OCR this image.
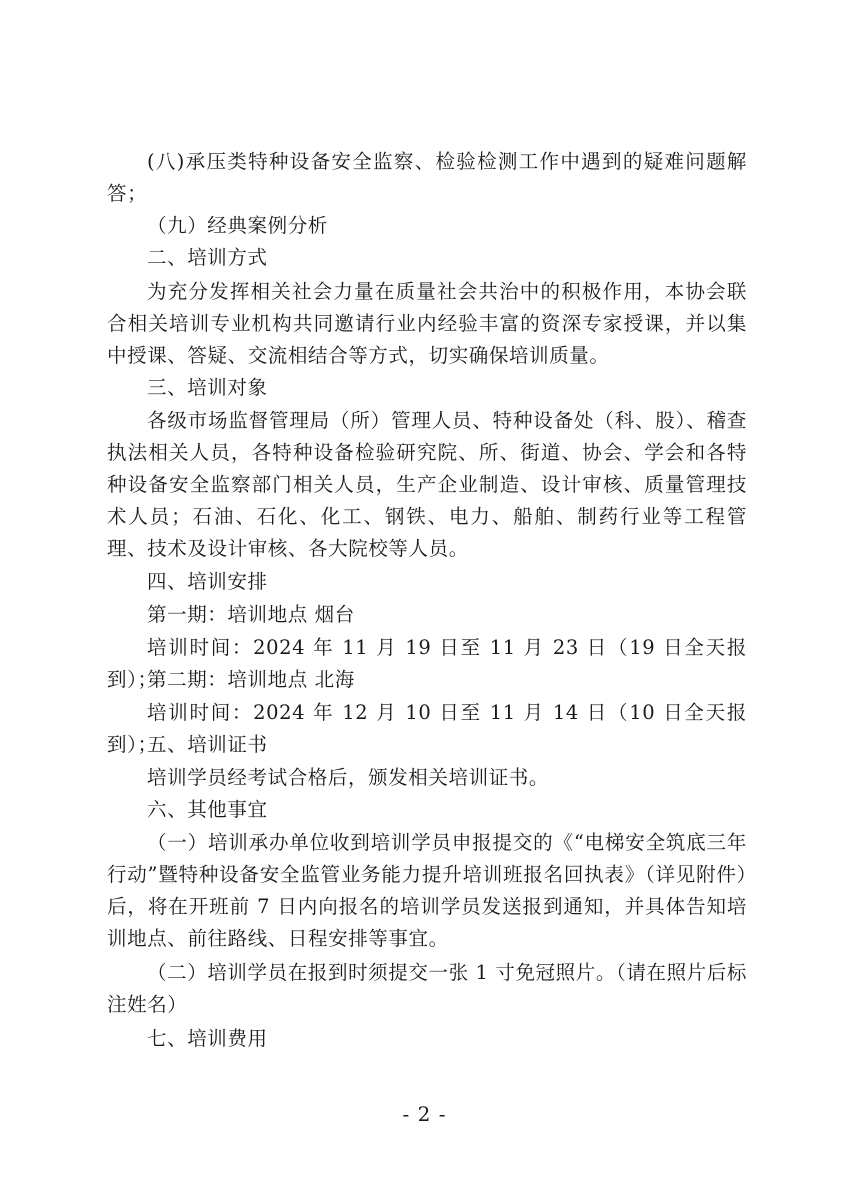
(八)承压类特种设备安全监察、检验检测工作中遇到的疑难问题解答；

（九）经典案例分析

二、培训方式

为充分发挥相关社会力量在质量社会共治中的积极作用，本协会联合相关培训专业机构共同邀请行业内经验丰富的资深专家授课，并以集中授课、答疑、交流相结合等方式，切实确保培训质量。

三、培训对象

各级市场监督管理局（所）管理人员、特种设备处（科、股）、稽查执法相关人员，各特种设备检验研究院、所、街道、协会、学会和各特种设备安全监察部门相关人员，生产企业制造、设计审核、质量管理技术人员；石油、石化、化工、钢铁、电力、船舶、制药行业等工程管理、技术及设计审核、各大院校等人员。

四、培训安排

第一期：培训地点 烟台

培训时间：2024 年 11 月 19 日至 11 月 23 日（19 日全天报到）；

第二期：培训地点 北海

培训时间：2024 年 12 月 10 日至 11 月 14 日（10 日全天报到）；

五、培训证书

培训学员经考试合格后，颁发相关培训证书。

六、其他事宜

（一）培训承办单位收到培训学员申报提交的《“电梯安全筑底三年行动”暨特种设备安全监管业务能力提升培训班报名回执表》（详见附件）后，将在开班前 7 日内向报名的培训学员发送报到通知，并具体告知培训地点、前往路线、日程安排等事宜。

（二）培训学员在报到时须提交一张 1 寸免冠照片。（请在照片后标注姓名）

七、培训费用

- 2 -
